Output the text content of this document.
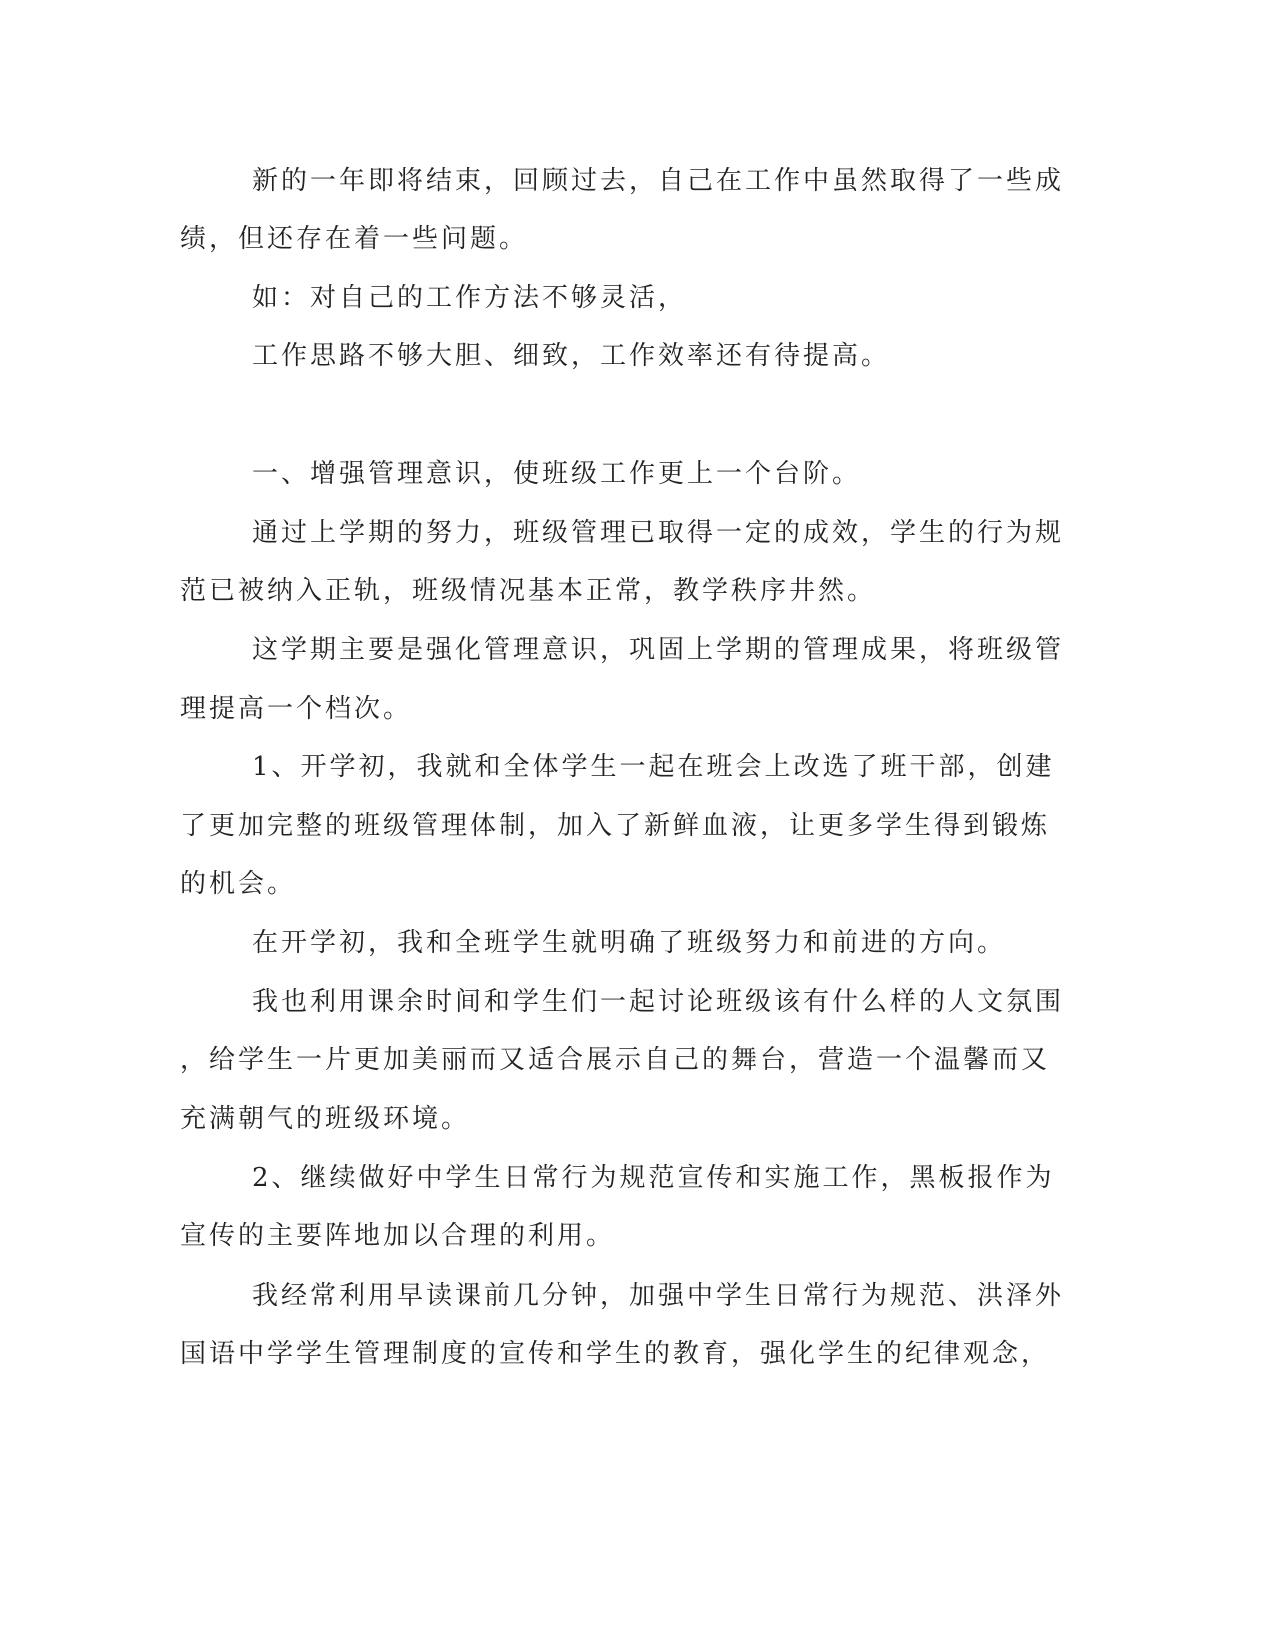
新的一年即将结束，回顾过去，自己在工作中虽然取得了一些成
绩，但还存在着一些问题。
如：对自己的工作方法不够灵活，
工作思路不够大胆、细致，工作效率还有待提高。
一、增强管理意识，使班级工作更上一个台阶。
通过上学期的努力，班级管理已取得一定的成效，学生的行为规
范已被纳入正轨，班级情况基本正常，教学秩序井然。
这学期主要是强化管理意识，巩固上学期的管理成果，将班级管
理提高一个档次。
1、开学初，我就和全体学生一起在班会上改选了班干部，创建
了更加完整的班级管理体制，加入了新鲜血液，让更多学生得到锻炼
的机会。
在开学初，我和全班学生就明确了班级努力和前进的方向。
我也利用课余时间和学生们一起讨论班级该有什么样的人文氛围
，给学生一片更加美丽而又适合展示自己的舞台，营造一个温馨而又
充满朝气的班级环境。
2、继续做好中学生日常行为规范宣传和实施工作，黑板报作为
宣传的主要阵地加以合理的利用。
我经常利用早读课前几分钟，加强中学生日常行为规范、洪泽外
国语中学学生管理制度的宣传和学生的教育，强化学生的纪律观念，
